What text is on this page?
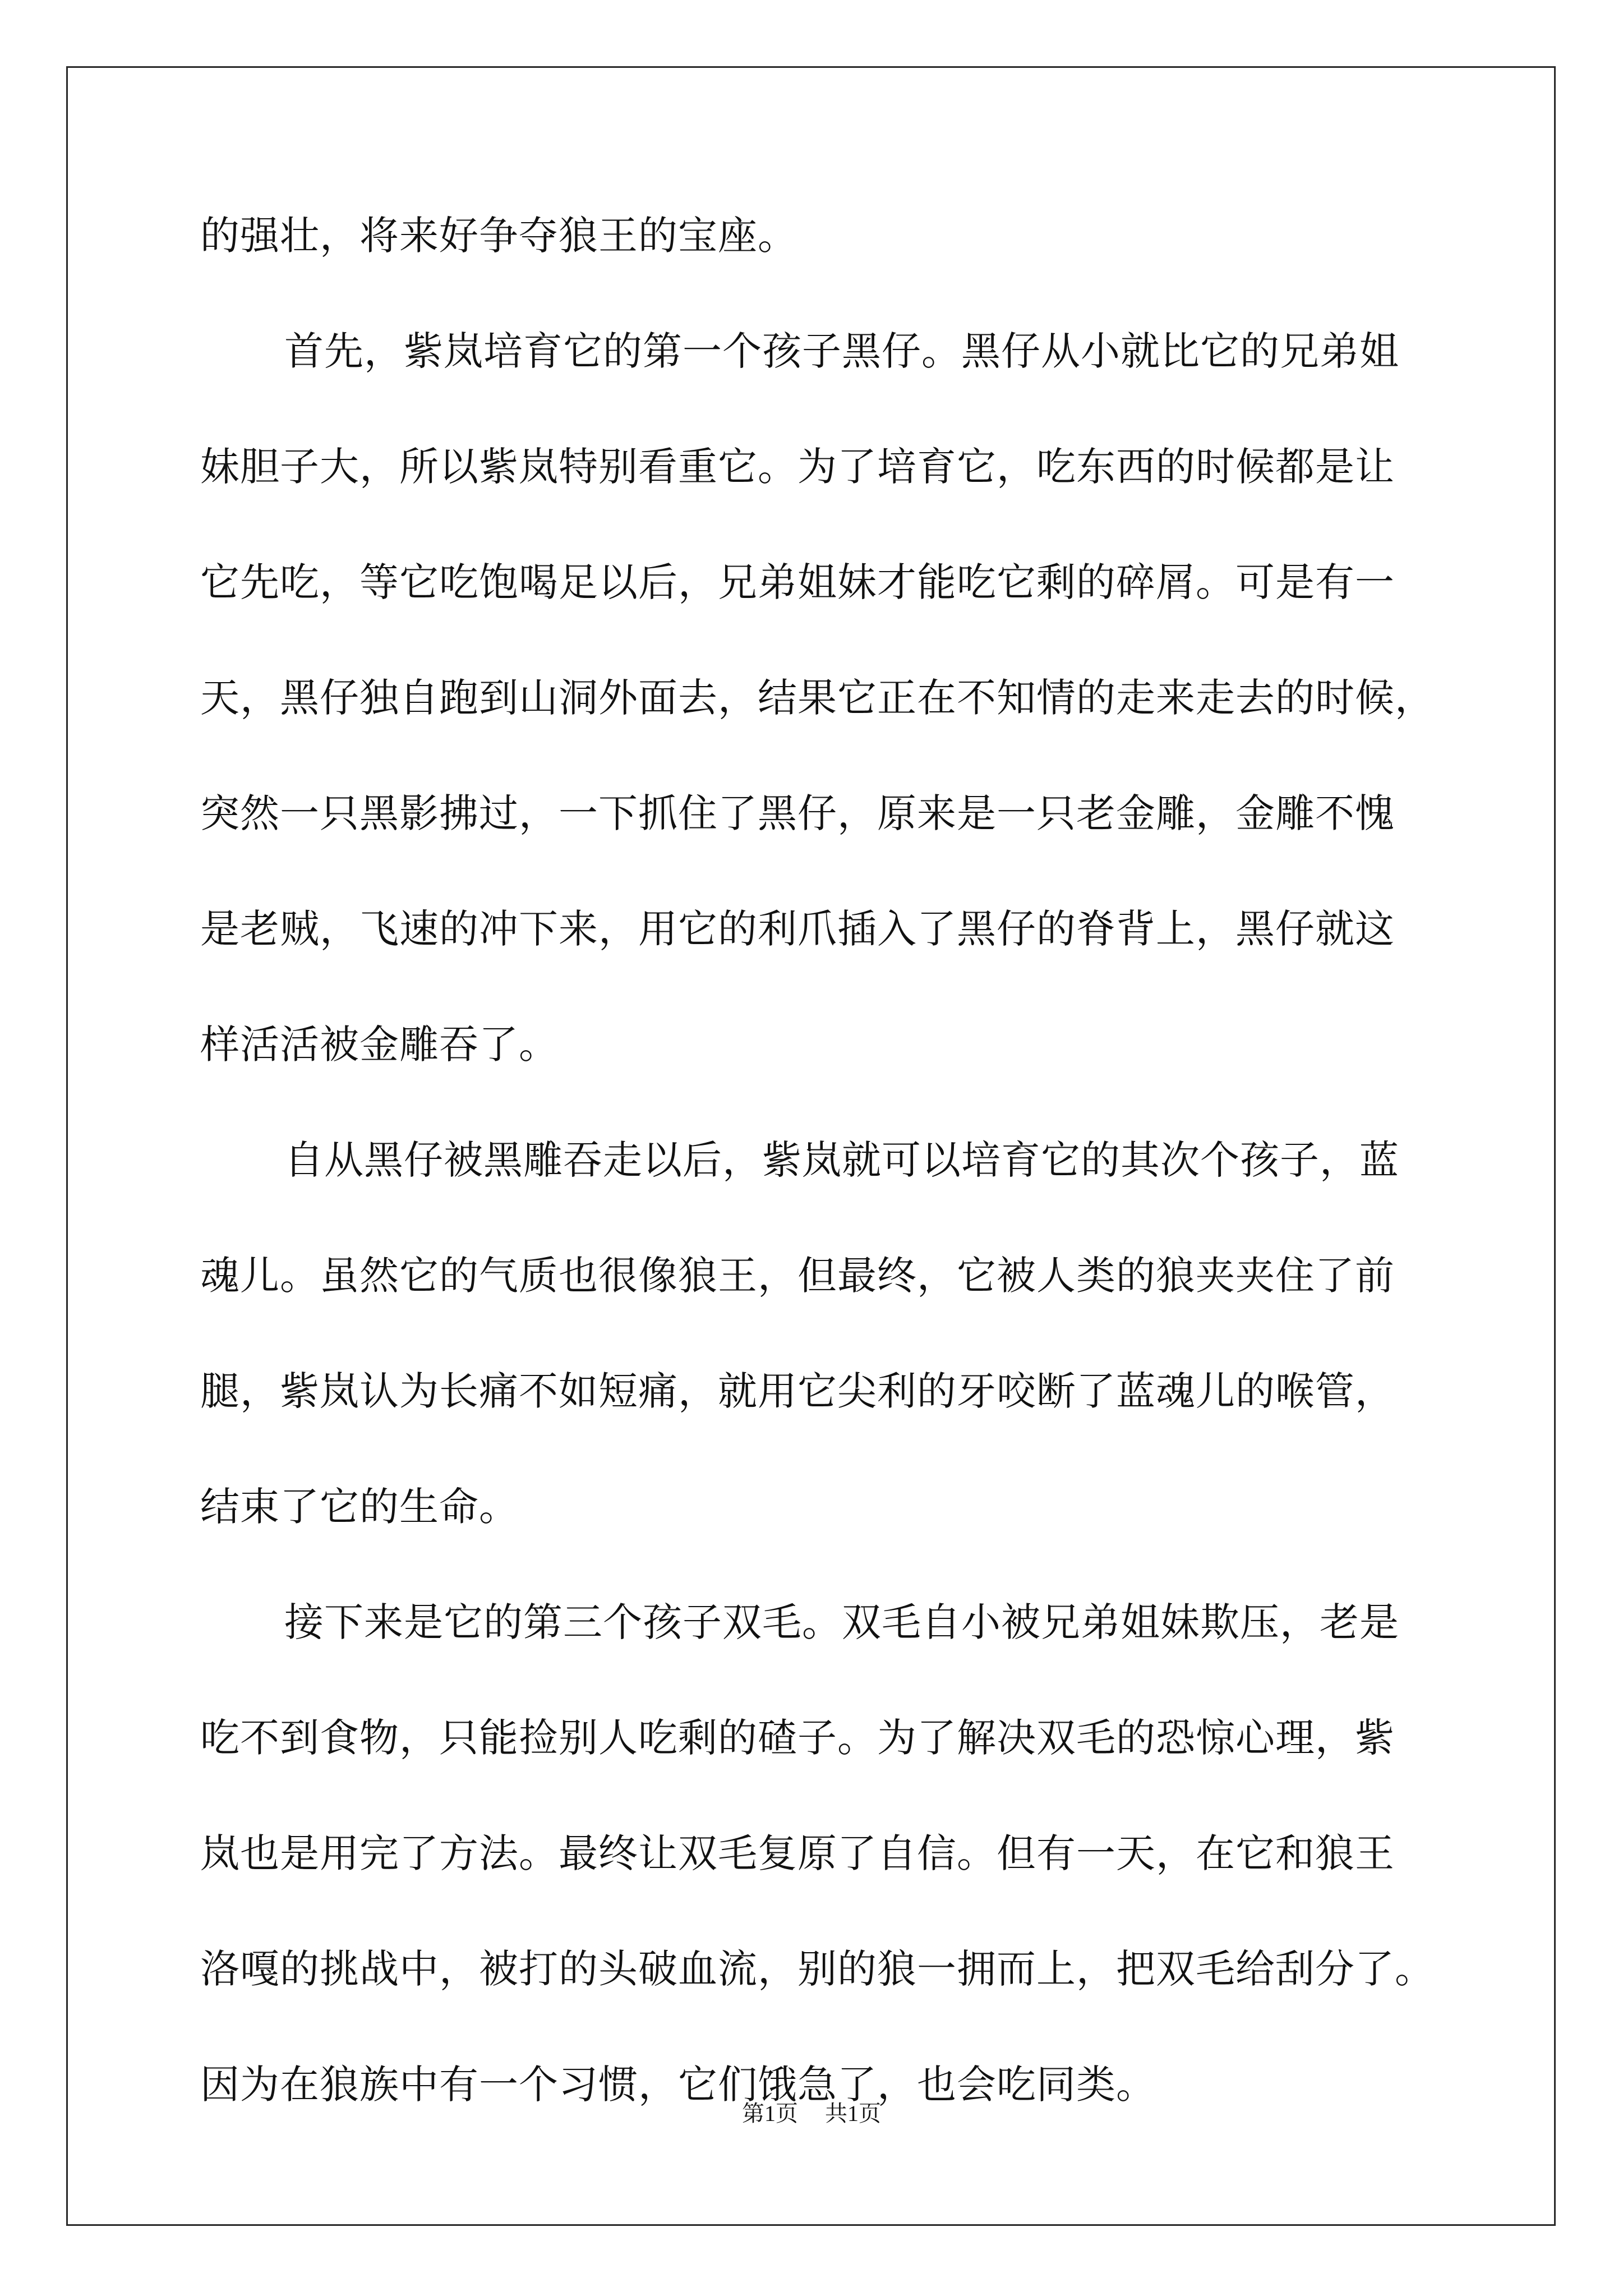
的强壮，将来好争夺狼王的宝座。
首先，紫岚培育它的第一个孩子黑仔。黑仔从小就比它的兄弟姐
妹胆子大，所以紫岚特别看重它。为了培育它，吃东西的时候都是让
它先吃，等它吃饱喝足以后，兄弟姐妹才能吃它剩的碎屑。可是有一
天，黑仔独自跑到山洞外面去，结果它正在不知情的走来走去的时候，
突然一只黑影拂过，一下抓住了黑仔，原来是一只老金雕，金雕不愧
是老贼，飞速的冲下来，用它的利爪插入了黑仔的脊背上，黑仔就这
样活活被金雕吞了。
自从黑仔被黑雕吞走以后，紫岚就可以培育它的其次个孩子，蓝
魂儿。虽然它的气质也很像狼王，但最终，它被人类的狼夹夹住了前
腿，紫岚认为长痛不如短痛，就用它尖利的牙咬断了蓝魂儿的喉管，
结束了它的生命。
接下来是它的第三个孩子双毛。双毛自小被兄弟姐妹欺压，老是
吃不到食物，只能捡别人吃剩的碴子。为了解决双毛的恐惊心理，紫
岚也是用完了方法。最终让双毛复原了自信。但有一天，在它和狼王
洛嘎的挑战中，被打的头破血流，别的狼一拥而上，把双毛给刮分了。
因为在狼族中有一个习惯，它们饿急了，也会吃同类。
第1页 共1页
